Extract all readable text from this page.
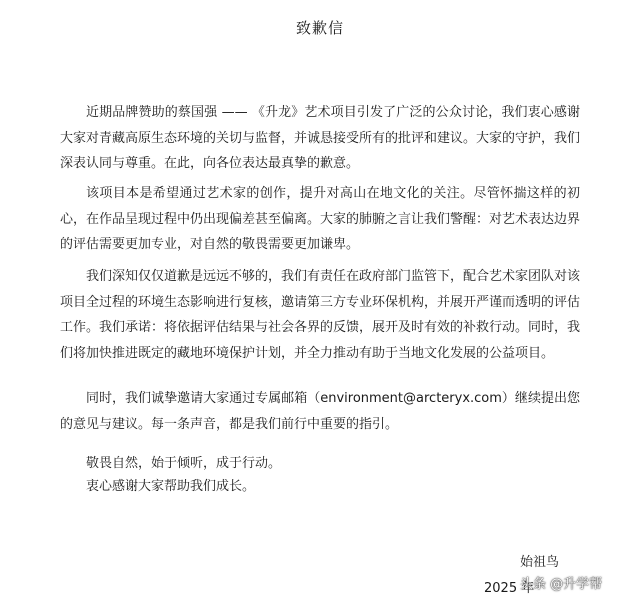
致歉信

近期品牌赞助的蔡国强 —— 《升龙》艺术项目引发了广泛的公众讨论，我们衷心感谢大家对青藏高原生态环境的关切与监督，并诚恳接受所有的批评和建议。大家的守护，我们深表认同与尊重。在此，向各位表达最真挚的歉意。

该项目本是希望通过艺术家的创作，提升对高山在地文化的关注。尽管怀揣这样的初心，在作品呈现过程中仍出现偏差甚至偏离。大家的肺腑之言让我们警醒：对艺术表达边界的评估需要更加专业，对自然的敬畏需要更加谦卑。

我们深知仅仅道歉是远远不够的，我们有责任在政府部门监管下，配合艺术家团队对该项目全过程的环境生态影响进行复核，邀请第三方专业环保机构，并展开严谨而透明的评估工作。我们承诺：将依据评估结果与社会各界的反馈，展开及时有效的补救行动。同时，我们将加快推进既定的藏地环境保护计划，并全力推动有助于当地文化发展的公益项目。

同时，我们诚挚邀请大家通过专属邮箱（environment@arcteryx.com）继续提出您的意见与建议。每一条声音，都是我们前行中重要的指引。

敬畏自然，始于倾听，成于行动。
衷心感谢大家帮助我们成长。
始祖鸟
2025 年
头条 @升学帮
